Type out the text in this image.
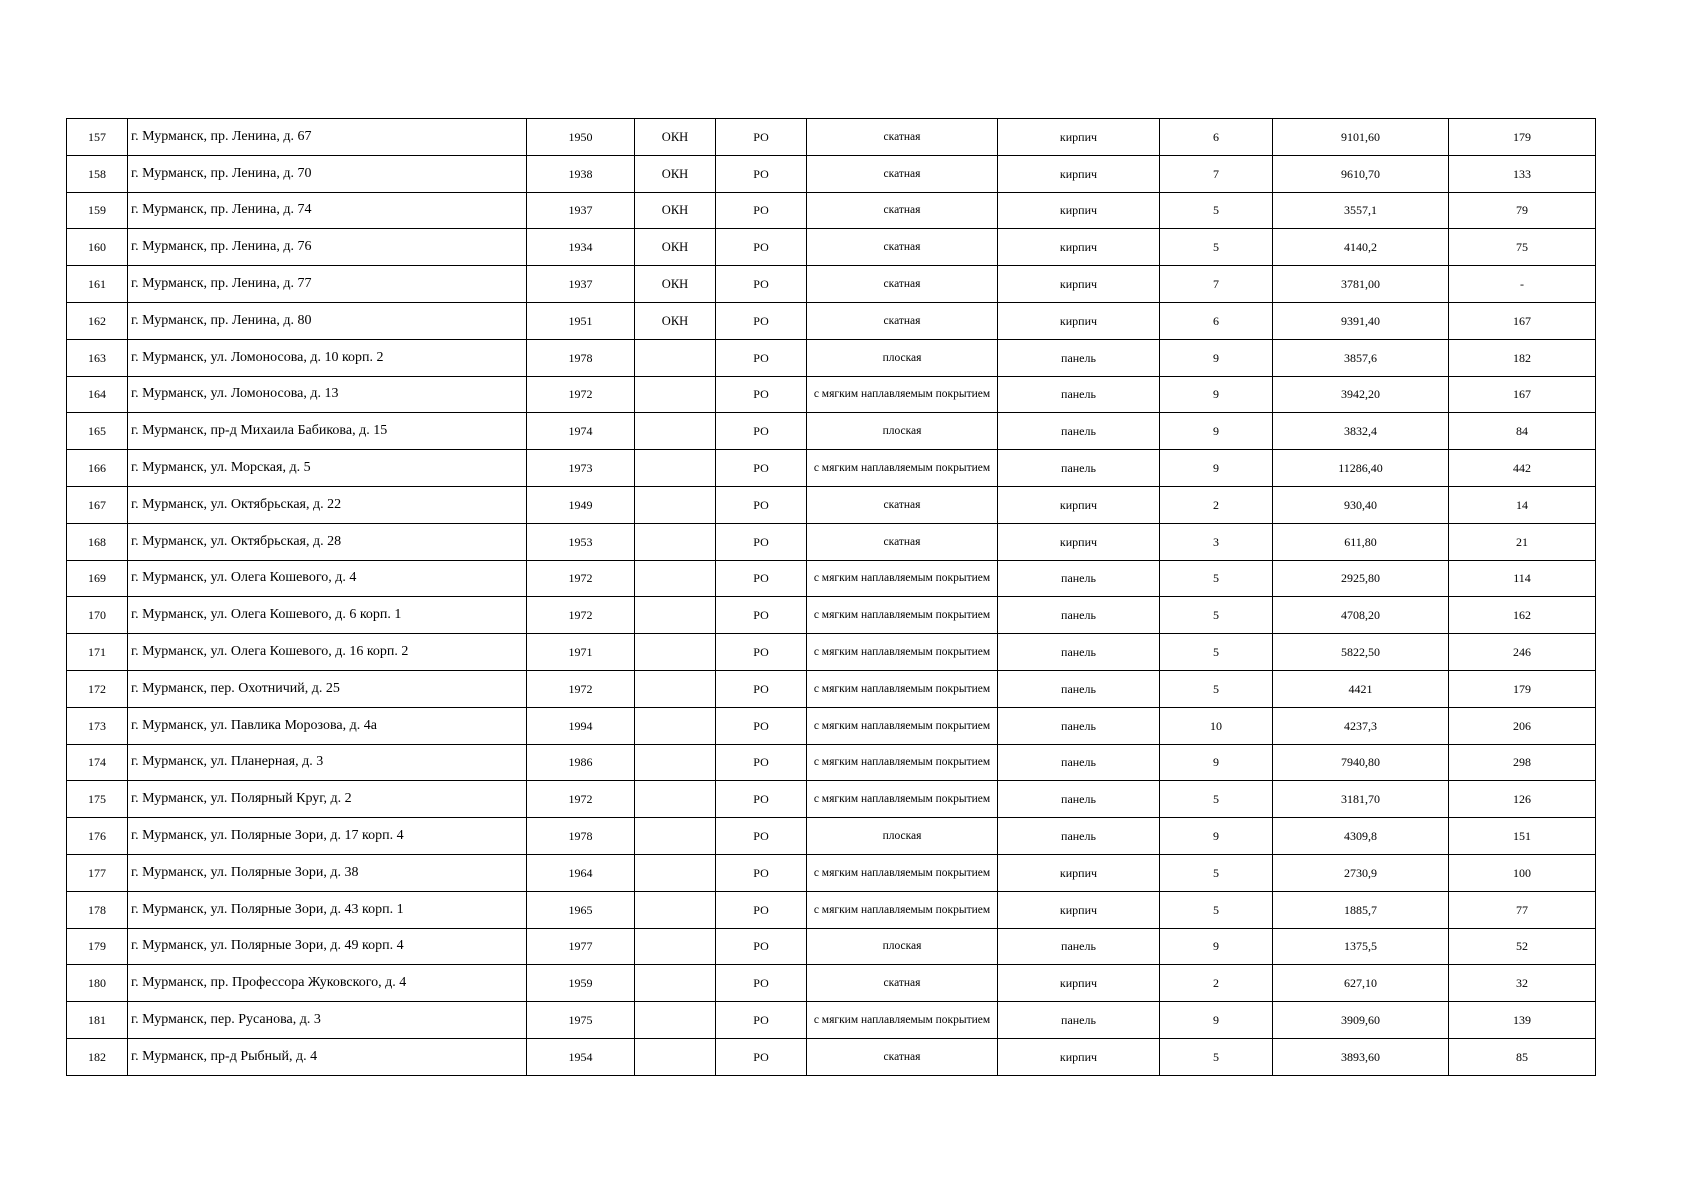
157	г. Мурманск, пр. Ленина, д. 67	1950	ОКН	РО	скатная	кирпич	6	9101,60	179
158	г. Мурманск, пр. Ленина, д. 70	1938	ОКН	РО	скатная	кирпич	7	9610,70	133
159	г. Мурманск, пр. Ленина, д. 74	1937	ОКН	РО	скатная	кирпич	5	3557,1	79
160	г. Мурманск, пр. Ленина, д. 76	1934	ОКН	РО	скатная	кирпич	5	4140,2	75
161	г. Мурманск, пр. Ленина, д. 77	1937	ОКН	РО	скатная	кирпич	7	3781,00	-
162	г. Мурманск, пр. Ленина, д. 80	1951	ОКН	РО	скатная	кирпич	6	9391,40	167
163	г. Мурманск, ул. Ломоносова, д. 10 корп. 2	1978		РО	плоская	панель	9	3857,6	182
164	г. Мурманск, ул. Ломоносова, д. 13	1972		РО	с мягким наплавляемым покрытием	панель	9	3942,20	167
165	г. Мурманск, пр-д Михаила Бабикова, д. 15	1974		РО	плоская	панель	9	3832,4	84
166	г. Мурманск, ул. Морская, д. 5	1973		РО	с мягким наплавляемым покрытием	панель	9	11286,40	442
167	г. Мурманск, ул. Октябрьская, д. 22	1949		РО	скатная	кирпич	2	930,40	14
168	г. Мурманск, ул. Октябрьская, д. 28	1953		РО	скатная	кирпич	3	611,80	21
169	г. Мурманск, ул. Олега Кошевого, д. 4	1972		РО	с мягким наплавляемым покрытием	панель	5	2925,80	114
170	г. Мурманск, ул. Олега Кошевого, д. 6 корп. 1	1972		РО	с мягким наплавляемым покрытием	панель	5	4708,20	162
171	г. Мурманск, ул. Олега Кошевого, д. 16 корп. 2	1971		РО	с мягким наплавляемым покрытием	панель	5	5822,50	246
172	г. Мурманск, пер. Охотничий, д. 25	1972		РО	с мягким наплавляемым покрытием	панель	5	4421	179
173	г. Мурманск, ул. Павлика Морозова, д. 4а	1994		РО	с мягким наплавляемым покрытием	панель	10	4237,3	206
174	г. Мурманск, ул. Планерная, д. 3	1986		РО	с мягким наплавляемым покрытием	панель	9	7940,80	298
175	г. Мурманск, ул. Полярный Круг, д. 2	1972		РО	с мягким наплавляемым покрытием	панель	5	3181,70	126
176	г. Мурманск, ул. Полярные Зори, д. 17 корп. 4	1978		РО	плоская	панель	9	4309,8	151
177	г. Мурманск, ул. Полярные Зори, д. 38	1964		РО	с мягким наплавляемым покрытием	кирпич	5	2730,9	100
178	г. Мурманск, ул. Полярные Зори, д. 43 корп. 1	1965		РО	с мягким наплавляемым покрытием	кирпич	5	1885,7	77
179	г. Мурманск, ул. Полярные Зори, д. 49 корп. 4	1977		РО	плоская	панель	9	1375,5	52
180	г. Мурманск, пр. Профессора Жуковского, д. 4	1959		РО	скатная	кирпич	2	627,10	32
181	г. Мурманск, пер. Русанова, д. 3	1975		РО	с мягким наплавляемым покрытием	панель	9	3909,60	139
182	г. Мурманск, пр-д Рыбный, д. 4	1954		РО	скатная	кирпич	5	3893,60	85
